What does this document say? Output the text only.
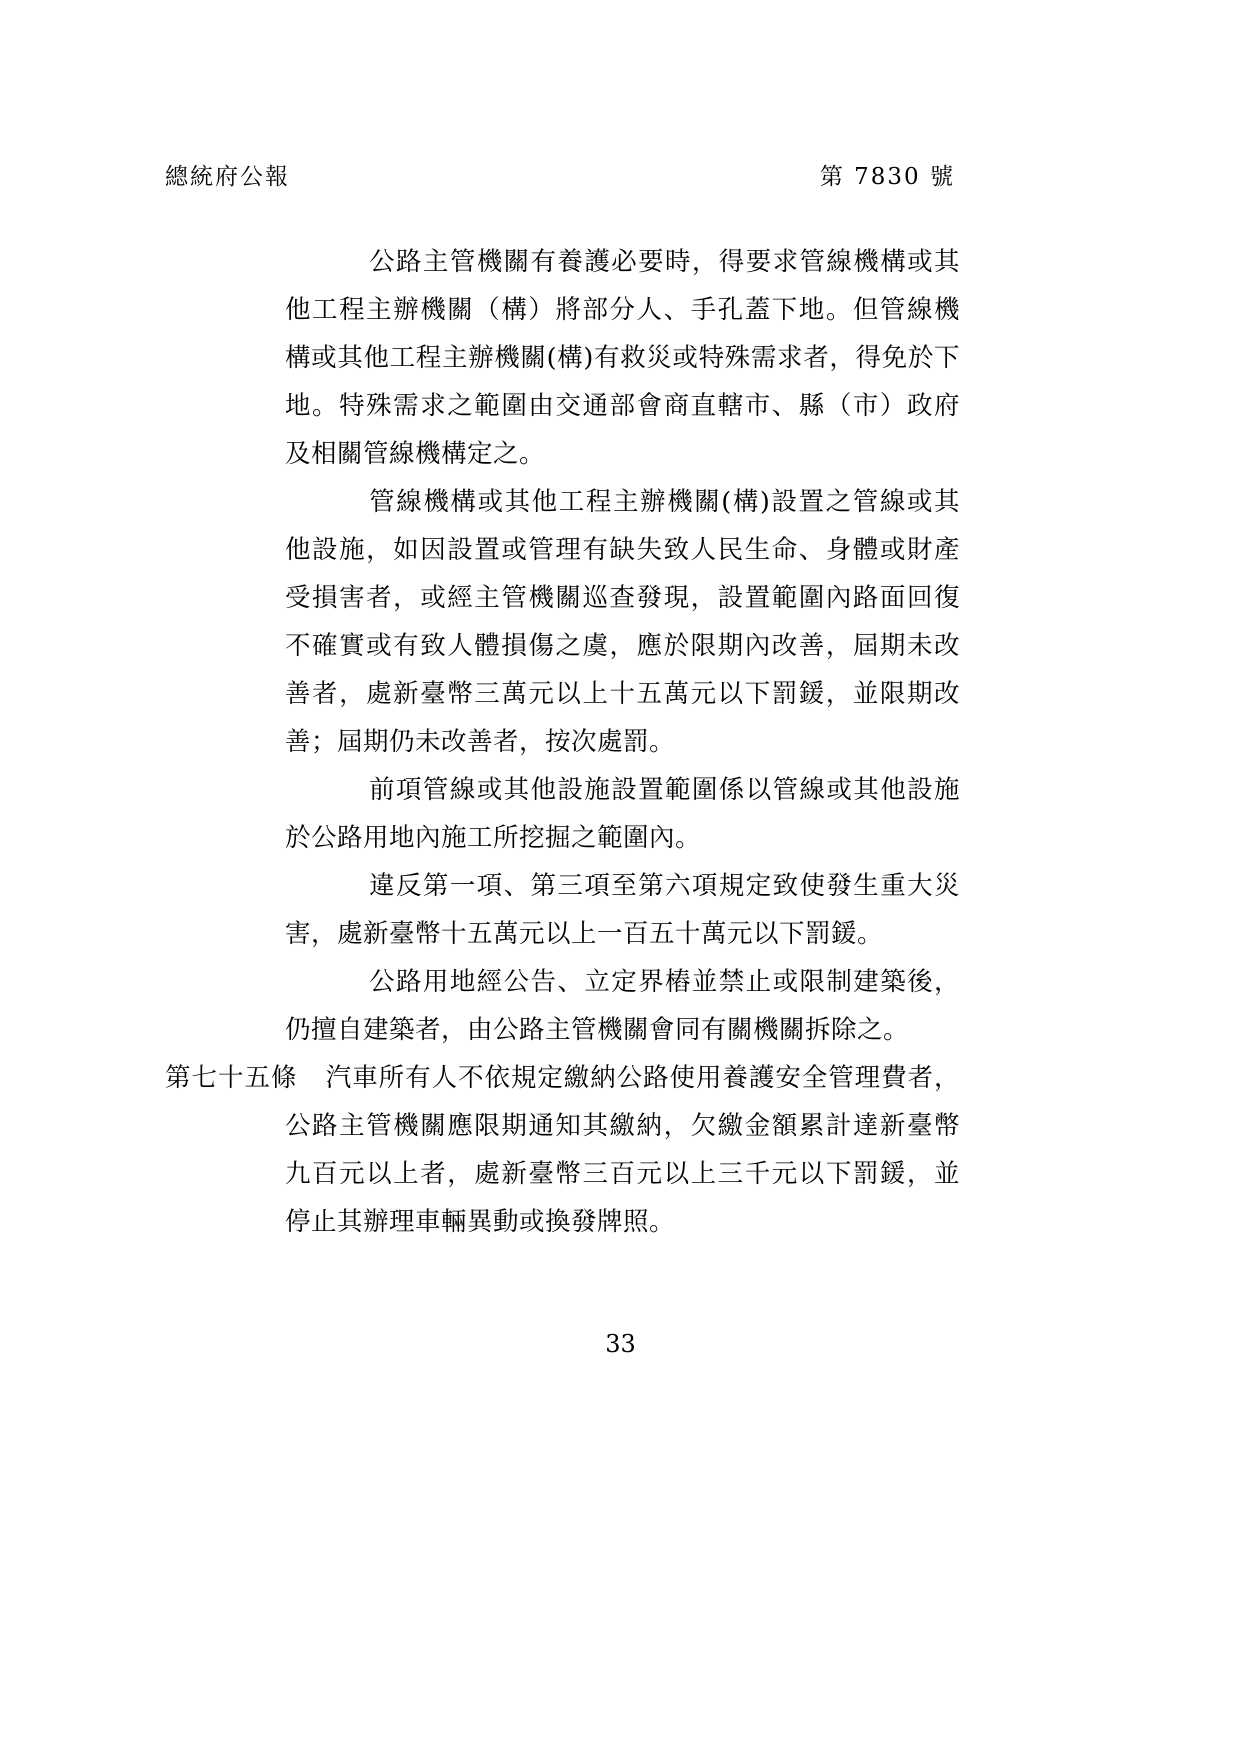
總統府公報	第 7830 號

公路主管機關有養護必要時，得要求管線機構或其他工程主辦機關（構）將部分人、手孔蓋下地。但管線機構或其他工程主辦機關(構)有救災或特殊需求者，得免於下地。特殊需求之範圍由交通部會商直轄市、縣（市）政府及相關管線機構定之。

管線機構或其他工程主辦機關(構)設置之管線或其他設施，如因設置或管理有缺失致人民生命、身體或財產受損害者，或經主管機關巡查發現，設置範圍內路面回復不確實或有致人體損傷之虞，應於限期內改善，屆期未改善者，處新臺幣三萬元以上十五萬元以下罰鍰，並限期改善；屆期仍未改善者，按次處罰。

前項管線或其他設施設置範圍係以管線或其他設施於公路用地內施工所挖掘之範圍內。

違反第一項、第三項至第六項規定致使發生重大災害，處新臺幣十五萬元以上一百五十萬元以下罰鍰。

公路用地經公告、立定界樁並禁止或限制建築後，仍擅自建築者，由公路主管機關會同有關機關拆除之。

第七十五條	汽車所有人不依規定繳納公路使用養護安全管理費者，公路主管機關應限期通知其繳納，欠繳金額累計達新臺幣九百元以上者，處新臺幣三百元以上三千元以下罰鍰，並停止其辦理車輛異動或換發牌照。
33
